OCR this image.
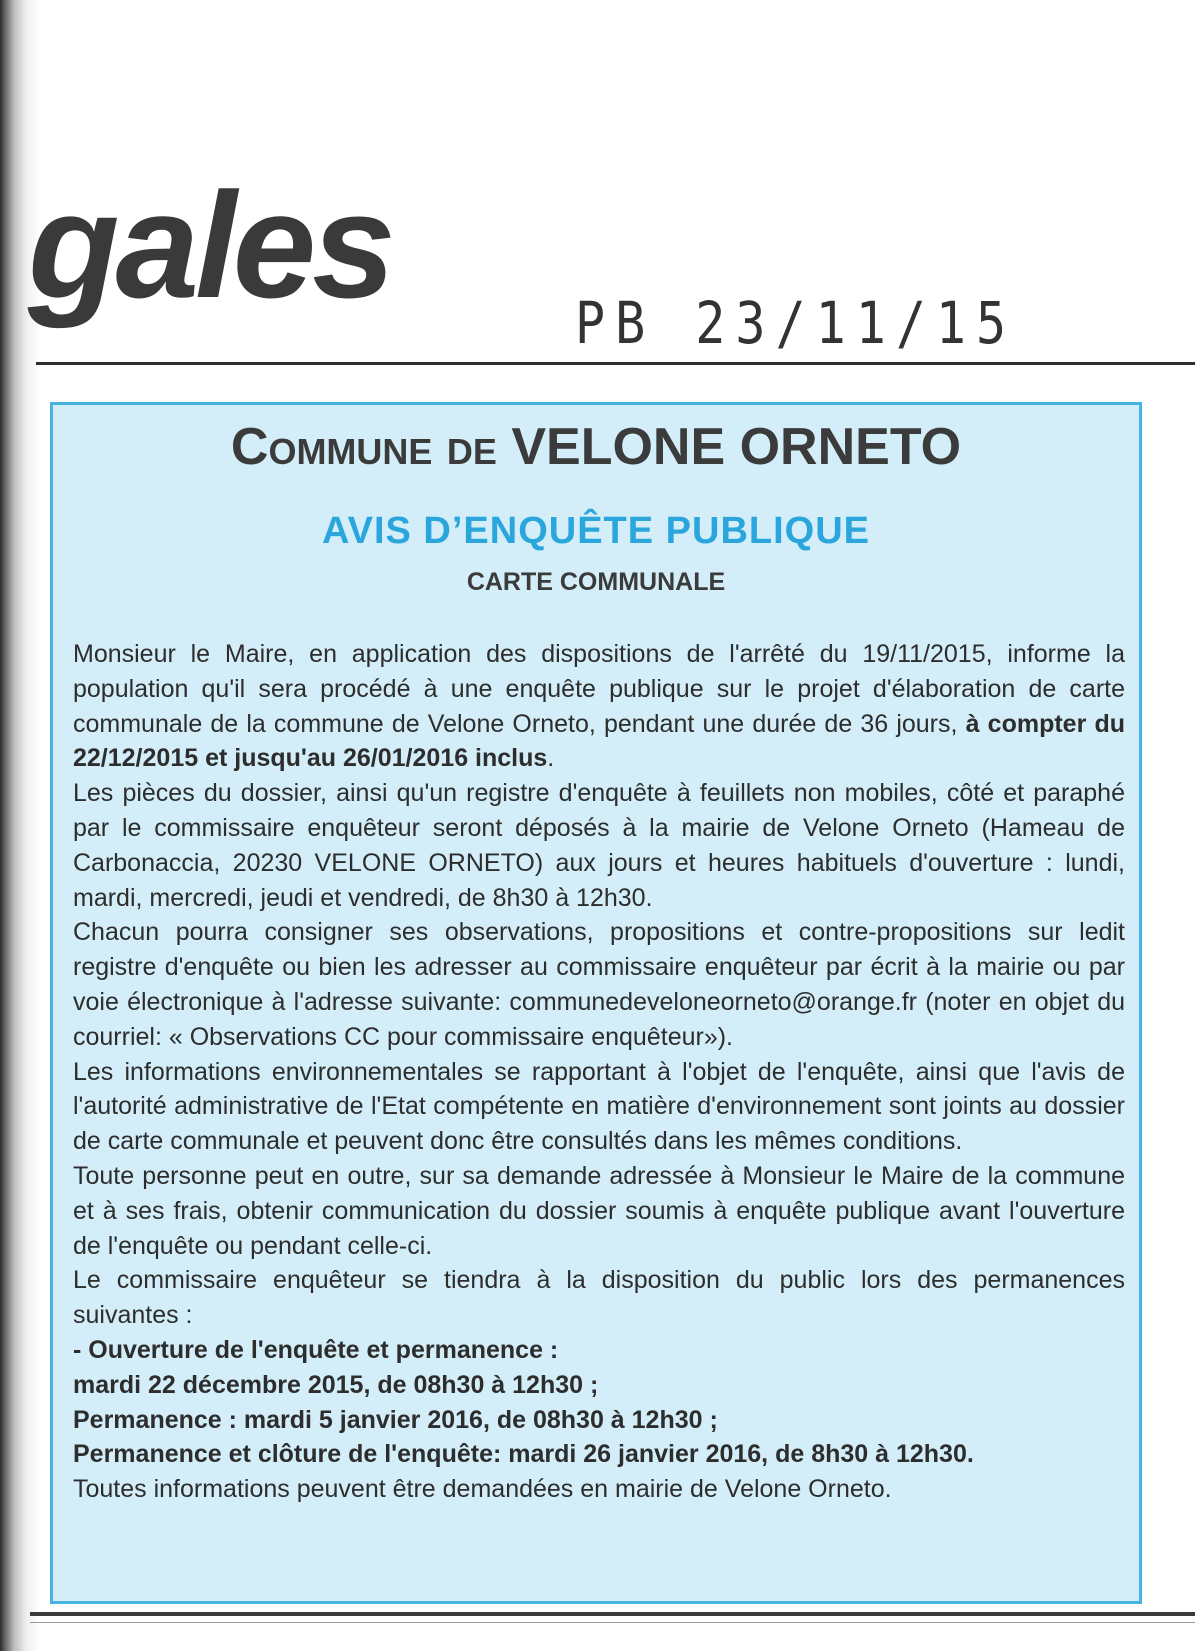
gales	PB 23/11/15
Commune de VELONE ORNETO
AVIS D’ENQUÊTE PUBLIQUE
CARTE COMMUNALE

Monsieur le Maire, en application des dispositions de l'arrêté du 19/11/2015, informe la population qu'il sera procédé à une enquête publique sur le projet d'élaboration de carte communale de la commune de Velone Orneto, pendant une durée de 36 jours, à compter du 22/12/2015 et jusqu'au 26/01/2016 inclus.

Les pièces du dossier, ainsi qu'un registre d'enquête à feuillets non mobiles, côté et paraphé par le commissaire enquêteur seront déposés à la mairie de Velone Orneto (Hameau de Carbonaccia, 20230 VELONE ORNETO) aux jours et heures habituels d'ouverture : lundi, mardi, mercredi, jeudi et vendredi, de 8h30 à 12h30.

Chacun pourra consigner ses observations, propositions et contre-propositions sur ledit registre d'enquête ou bien les adresser au commissaire enquêteur par écrit à la mairie ou par voie électronique à l'adresse suivante: communedeveloneorneto@orange.fr (noter en objet du courriel: « Observations CC pour commissaire enquêteur»).

Les informations environnementales se rapportant à l'objet de l'enquête, ainsi que l'avis de l'autorité administrative de l'Etat compétente en matière d'environnement sont joints au dossier de carte communale et peuvent donc être consultés dans les mêmes conditions.

Toute personne peut en outre, sur sa demande adressée à Monsieur le Maire de la commune et à ses frais, obtenir communication du dossier soumis à enquête publique avant l'ouverture de l'enquête ou pendant celle-ci.

Le commissaire enquêteur se tiendra à la disposition du public lors des permanences suivantes :

- Ouverture de l'enquête et permanence :

mardi 22 décembre 2015, de 08h30 à 12h30 ;

Permanence : mardi 5 janvier 2016, de 08h30 à 12h30 ;

Permanence et clôture de l'enquête: mardi 26 janvier 2016, de 8h30 à 12h30.

Toutes informations peuvent être demandées en mairie de Velone Orneto.
